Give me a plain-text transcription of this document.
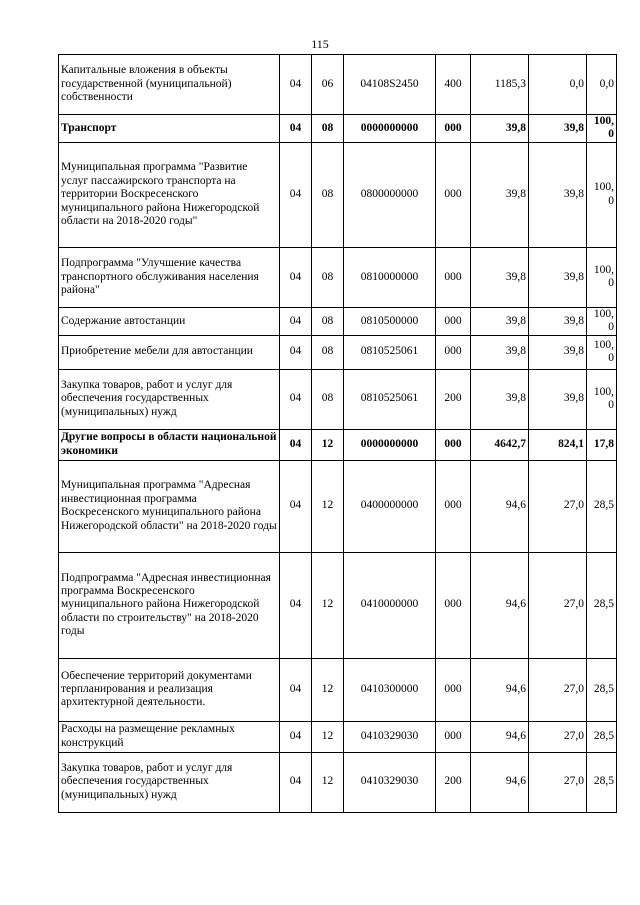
115
Капитальные вложения в объекты государственной (муниципальной) собственности	04	06	04108S2450	400	1185,3	0,0	0,0
Транспорт	04	08	0000000000	000	39,8	39,8	100,0
Муниципальная программа "Развитие услуг пассажирского транспорта на территории Воскресенского муниципального района Нижегородской области на 2018-2020 годы"	04	08	0800000000	000	39,8	39,8	100,0
Подпрограмма "Улучшение качества транспортного обслуживания населения района"	04	08	0810000000	000	39,8	39,8	100,0
Содержание автостанции	04	08	0810500000	000	39,8	39,8	100,0
Приобретение мебели для автостанции	04	08	0810525061	000	39,8	39,8	100,0
Закупка товаров, работ и услуг для обеспечения государственных (муниципальных) нужд	04	08	0810525061	200	39,8	39,8	100,0
Другие вопросы в области национальной экономики	04	12	0000000000	000	4642,7	824,1	17,8
Муниципальная программа "Адресная инвестиционная программа Воскресенского муниципального района Нижегородской области" на 2018-2020 годы	04	12	0400000000	000	94,6	27,0	28,5
Подпрограмма "Адресная инвестиционная программа Воскресенского муниципального района Нижегородской области по строительству" на 2018-2020 годы	04	12	0410000000	000	94,6	27,0	28,5
Обеспечение территорий документами терпланирования и реализация архитектурной деятельности.	04	12	0410300000	000	94,6	27,0	28,5
Расходы на размещение рекламных конструкций	04	12	0410329030	000	94,6	27,0	28,5
Закупка товаров, работ и услуг для обеспечения государственных (муниципальных) нужд	04	12	0410329030	200	94,6	27,0	28,5
